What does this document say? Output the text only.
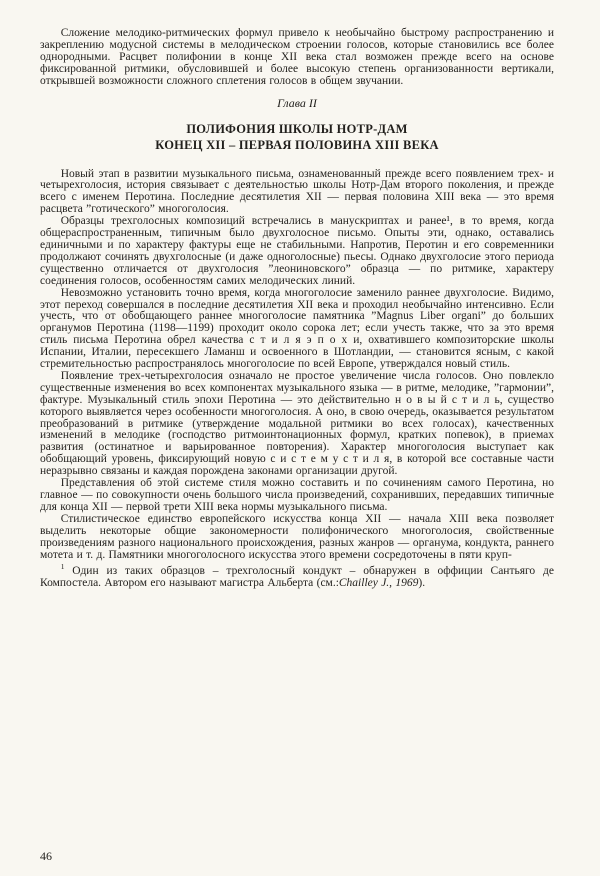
Сложение мелодико-ритмических формул привело к необычайно быстрому распространению и закреплению модусной системы в мелодическом строении голосов, которые становились все более однородными. Расцвет полифонии в конце XII века стал возможен прежде всего на основе фиксированной ритмики, обусловившей и более высокую степень организованности вертикали, открывшей возможности сложного сплетения голосов в общем звучании.

Глава II
ПОЛИФОНИЯ ШКОЛЫ НОТР-ДАМ
КОНЕЦ XII – ПЕРВАЯ ПОЛОВИНА XIII ВЕКА

Новый этап в развитии музыкального письма, ознаменованный прежде всего появлением трех- и четырехголосия, история связывает с деятельностью школы Нотр-Дам второго поколения, и прежде всего с именем Перотина. Последние десятилетия XII — первая половина XIII века — это время расцвета ”готического” многоголосия.

Образцы трехголосных композиций встречались в манускриптах и ранее¹, в то время, когда общераспространенным, типичным было двухголосное письмо. Опыты эти, однако, оставались единичными и по характеру фактуры еще не стабильными. Напротив, Перотин и его современники продолжают сочинять двухголосные (и даже одноголосные) пьесы. Однако двухголосие этого периода существенно отличается от двухголосия ”леониновского” образца — по ритмике, характеру соединения голосов, особенностям самих мелодических линий.

Невозможно установить точно время, когда многоголосие заменило раннее двухголосие. Видимо, этот переход совершался в последние десятилетия XII века и проходил необычайно интенсивно. Если учесть, что от обобщающего раннее многоголосие памятника ”Magnus Liber organi” до больших органумов Перотина (1198—1199) проходит около сорока лет; если учесть также, что за это время стиль письма Перотина обрел качества с т и л я э п о х и, охватившего композиторские школы Испании, Италии, пересекшего Ламанш и освоенного в Шотландии, — становится ясным, с какой стремительностью распространялось многоголосие по всей Европе, утверждался новый стиль.

Появление трех-четырехголосия означало не простое увеличение числа голосов. Оно повлекло существенные изменения во всех компонентах музыкального языка — в ритме, мелодике, ”гармонии”, фактуре. Музыкальный стиль эпохи Перотина — это действительно н о в ы й с т и л ь, существо которого выявляется через особенности многоголосия. А оно, в свою очередь, оказывается результатом преобразований в ритмике (утверждение модальной ритмики во всех голосах), качественных изменений в мелодике (господство ритмоинтонационных формул, кратких попевок), в приемах развития (остинатное и варьированное повторения). Характер многоголосия выступает как обобщающий уровень, фиксирующий новую с и с т е м у с т и л я, в которой все составные части неразрывно связаны и каждая порождена законами организации другой.

Представления об этой системе стиля можно составить и по сочинениям самого Перотина, но главное — по совокупности очень большого числа произведений, сохранивших, передавших типичные для конца XII — первой трети XIII века нормы музыкального письма.

Стилистическое единство европейского искусства конца XII — начала XIII века позволяет выделить некоторые общие закономерности полифонического многоголосия, свойственные произведениям разного национального происхождения, разных жанров — органума, кондукта, раннего мотета и т. д. Памятники многоголосного искусства этого времени сосредоточены в пяти круп-

$^1$ Один из таких образцов – трехголосный кондукт – обнаружен в оффиции Сантьяго де Компостела. Автором его называют магистра Альберта (см.:Chailley J., 1969).

46
